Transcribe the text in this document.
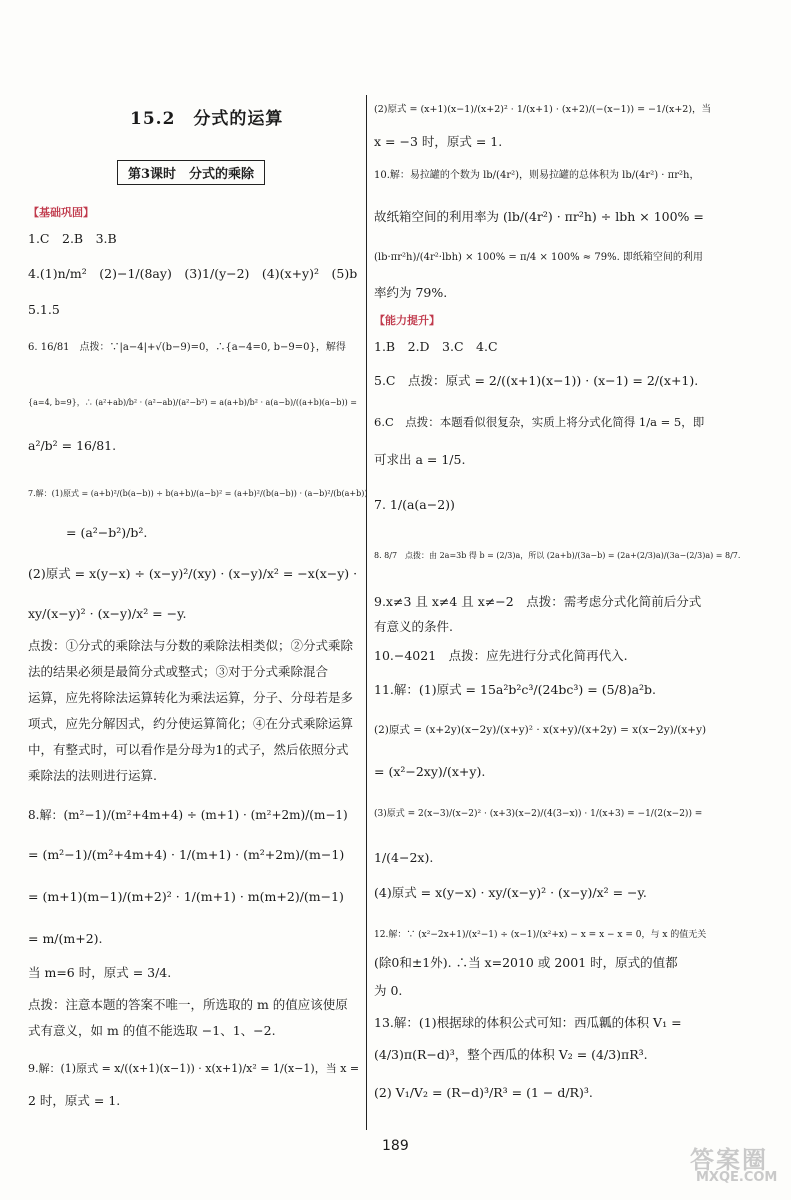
15.2　分式的运算
第3课时　分式的乘除
【基础巩固】
1.C　2.B　3.B
4.(1)n/m²　(2)−1/(8ay)　(3)1/(y−2)　(4)(x+y)²　(5)b
5.1.5
6. 16/81　点拨：∵|a−4|+√(b−9)=0，∴{a−4=0, b−9=0}，解得
{a=4, b=9}，∴ (a²+ab)/b² · (a²−ab)/(a²−b²) = a(a+b)/b² · a(a−b)/((a+b)(a−b)) =
a²/b² = 16/81.
7.解：(1)原式 = (a+b)²/(b(a−b)) ÷ b(a+b)/(a−b)² = (a+b)²/(b(a−b)) · (a−b)²/(b(a+b))
= (a²−b²)/b².
(2)原式 = x(y−x) ÷ (x−y)²/(xy) · (x−y)/x² = −x(x−y) ·
xy/(x−y)² · (x−y)/x² = −y.
点拨：①分式的乘除法与分数的乘除法相类似；②分式乘除
法的结果必须是最简分式或整式；③对于分式乘除混合
运算，应先将除法运算转化为乘法运算，分子、分母若是多
项式，应先分解因式，约分使运算简化；④在分式乘除运算
中，有整式时，可以看作是分母为1的式子，然后依照分式
乘除法的法则进行运算.
8.解：(m²−1)/(m²+4m+4) ÷ (m+1) · (m²+2m)/(m−1)
= (m²−1)/(m²+4m+4) · 1/(m+1) · (m²+2m)/(m−1)
= (m+1)(m−1)/(m+2)² · 1/(m+1) · m(m+2)/(m−1)
= m/(m+2).
当 m=6 时，原式 = 3/4.
点拨：注意本题的答案不唯一，所选取的 m 的值应该使原
式有意义，如 m 的值不能选取 −1、1、−2.
9.解：(1)原式 = x/((x+1)(x−1)) · x(x+1)/x² = 1/(x−1)，当 x =
2 时，原式 = 1.
(2)原式 = (x+1)(x−1)/(x+2)² · 1/(x+1) · (x+2)/(−(x−1)) = −1/(x+2)，当
x = −3 时，原式 = 1.
10.解：易拉罐的个数为 lb/(4r²)，则易拉罐的总体积为 lb/(4r²) · πr²h，
故纸箱空间的利用率为 (lb/(4r²) · πr²h) ÷ lbh × 100% =
(lb·πr²h)/(4r²·lbh) × 100% = π/4 × 100% ≈ 79%. 即纸箱空间的利用
率约为 79%.
【能力提升】
1.B　2.D　3.C　4.C
5.C　点拨：原式 = 2/((x+1)(x−1)) · (x−1) = 2/(x+1).
6.C　点拨：本题看似很复杂，实质上将分式化简得 1/a = 5，即
可求出 a = 1/5.
7. 1/(a(a−2))
8. 8/7　点拨：由 2a=3b 得 b = (2/3)a，所以 (2a+b)/(3a−b) = (2a+(2/3)a)/(3a−(2/3)a) = 8/7.
9.x≠3 且 x≠4 且 x≠−2　点拨：需考虑分式化简前后分式
有意义的条件.
10.−4021　点拨：应先进行分式化简再代入.
11.解：(1)原式 = 15a²b²c³/(24bc³) = (5/8)a²b.
(2)原式 = (x+2y)(x−2y)/(x+y)² · x(x+y)/(x+2y) = x(x−2y)/(x+y)
= (x²−2xy)/(x+y).
(3)原式 = 2(x−3)/(x−2)² · (x+3)(x−2)/(4(3−x)) · 1/(x+3) = −1/(2(x−2)) =
1/(4−2x).
(4)原式 = x(y−x) · xy/(x−y)² · (x−y)/x² = −y.
12.解：∵ (x²−2x+1)/(x²−1) ÷ (x−1)/(x²+x) − x = x − x = 0，与 x 的值无关
(除0和±1外). ∴当 x=2010 或 2001 时，原式的值都
为 0.
13.解：(1)根据球的体积公式可知：西瓜瓤的体积 V₁ =
(4/3)π(R−d)³，整个西瓜的体积 V₂ = (4/3)πR³.
(2) V₁/V₂ = (R−d)³/R³ = (1 − d/R)³.
189	答案圈
MXQE.COM
